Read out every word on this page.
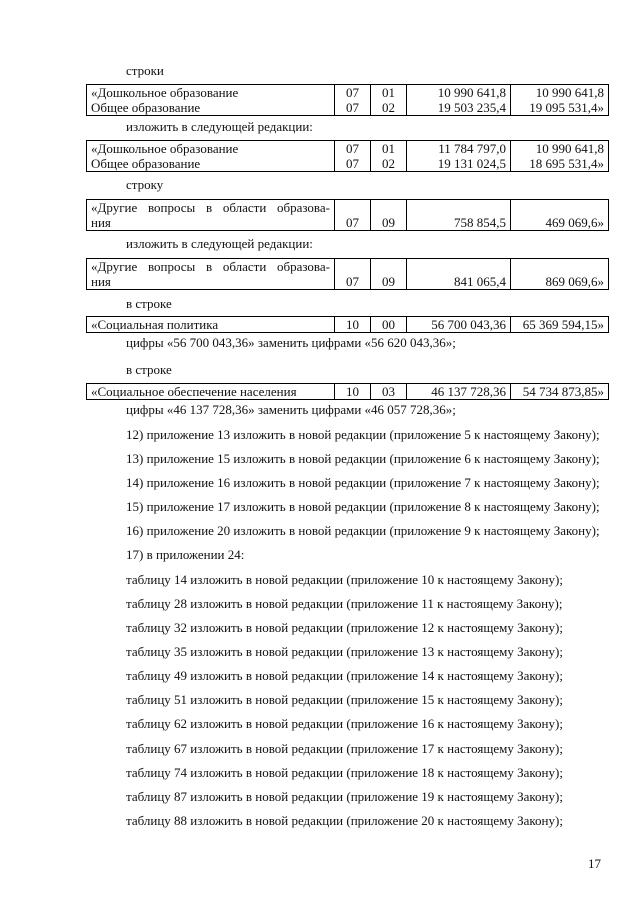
строки
«Дошкольное образование	07	01	10 990 641,8	10 990 641,8
Общее образование	07	02	19 503 235,4	19 095 531,4»
изложить в следующей редакции:
«Дошкольное образование	07	01	11 784 797,0	10 990 641,8
Общее образование	07	02	19 131 024,5	18 695 531,4»
строку
«Другие вопросы в области образова-
ния	07	09	758 854,5	469 069,6»
изложить в следующей редакции:
«Другие вопросы в области образова-
ния	07	09	841 065,4	869 069,6»
в строке
«Социальная политика	10	00	56 700 043,36	65 369 594,15»
цифры «56 700 043,36» заменить цифрами «56 620 043,36»;
в строке
«Социальное обеспечение населения	10	03	46 137 728,36	54 734 873,85»
цифры «46 137 728,36» заменить цифрами «46 057 728,36»;
12) приложение 13 изложить в новой редакции (приложение 5 к настоящему Закону);
13) приложение 15 изложить в новой редакции (приложение 6 к настоящему Закону);
14) приложение 16 изложить в новой редакции (приложение 7 к настоящему Закону);
15) приложение 17 изложить в новой редакции (приложение 8 к настоящему Закону);
16) приложение 20 изложить в новой редакции (приложение 9 к настоящему Закону);
17) в приложении 24:
таблицу 14 изложить в новой редакции (приложение 10 к настоящему Закону);
таблицу 28 изложить в новой редакции (приложение 11 к настоящему Закону);
таблицу 32 изложить в новой редакции (приложение 12 к настоящему Закону);
таблицу 35 изложить в новой редакции (приложение 13 к настоящему Закону);
таблицу 49 изложить в новой редакции (приложение 14 к настоящему Закону);
таблицу 51 изложить в новой редакции (приложение 15 к настоящему Закону);
таблицу 62 изложить в новой редакции (приложение 16 к настоящему Закону);
таблицу 67 изложить в новой редакции (приложение 17 к настоящему Закону);
таблицу 74 изложить в новой редакции (приложение 18 к настоящему Закону);
таблицу 87 изложить в новой редакции (приложение 19 к настоящему Закону);
таблицу 88 изложить в новой редакции (приложение 20 к настоящему Закону);
17
